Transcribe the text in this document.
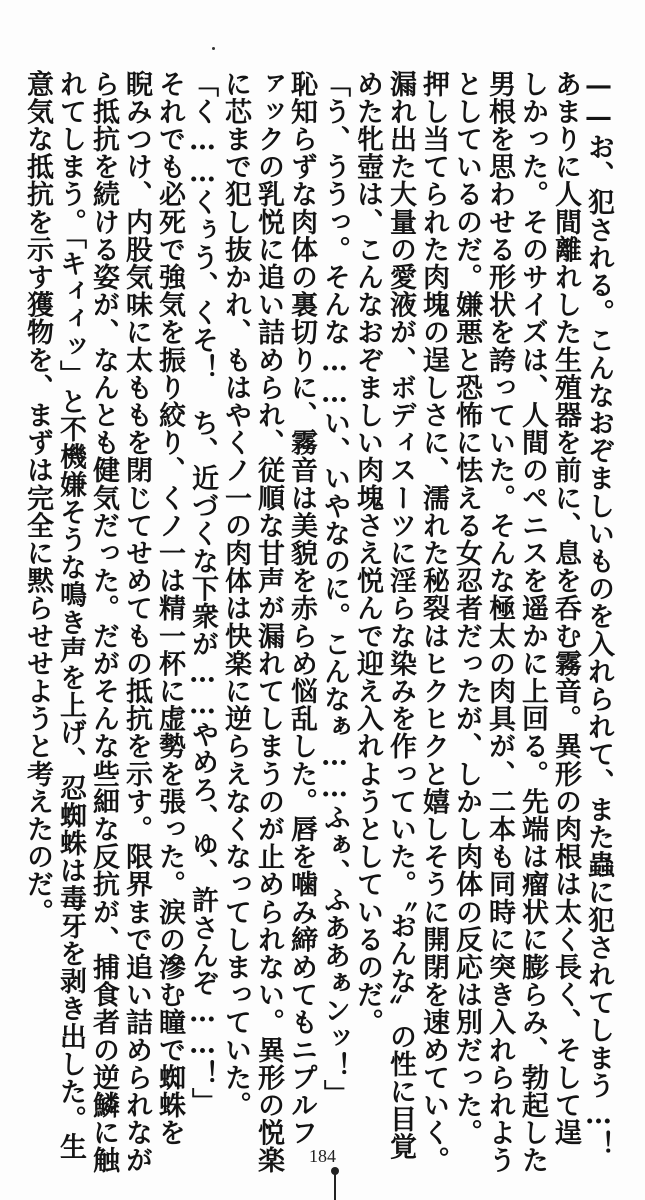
——お、犯される。こんなおぞましいものを入れられて、また蟲に犯されてしまう…！
あまりに人間離れした生殖器を前に、息を呑む霧音。異形の肉根は太く長く、そして逞
しかった。そのサイズは、人間のペニスを遥かに上回る。先端は瘤状に膨らみ、勃起した
男根を思わせる形状を誇っていた。そんな極太の肉具が、二本も同時に突き入れられよう
としているのだ。嫌悪と恐怖に怯える女忍者だったが、しかし肉体の反応は別だった。
押し当てられた肉塊の逞しさに、濡れた秘裂はヒクヒクと嬉しそうに開閉を速めていく。
漏れ出た大量の愛液が、ボディスーツに淫らな染みを作っていた。〝おんな〟の性に目覚
めた牝壺は、こんなおぞましい肉塊さえ悦んで迎え入れようとしているのだ。
「う、ううっ。そんな……い、いやなのに。こんなぁ……ふぁ、ふああぁンッ！」
恥知らずな肉体の裏切りに、霧音は美貌を赤らめ悩乱した。唇を噛み締めてもニプルフ
ァックの乳悦に追い詰められ、従順な甘声が漏れてしまうのが止められない。異形の悦楽
に芯まで犯し抜かれ、もはやくノ一の肉体は快楽に逆らえなくなってしまっていた。
「く……くぅう、くそ！　ち、近づくな下衆が……やめろ、ゆ、許さんぞ……！」
それでも必死で強気を振り絞り、くノ一は精一杯に虚勢を張った。涙の滲む瞳で蜘蛛を
睨みつけ、内股気味に太ももを閉じてせめてもの抵抗を示す。限界まで追い詰められなが
ら抵抗を続ける姿が、なんとも健気だった。だがそんな些細な反抗が、捕食者の逆鱗に触
れてしまう。「キィィッ」と不機嫌そうな鳴き声を上げ、忍蜘蛛は毒牙を剥き出した。生
意気な抵抗を示す獲物を、まずは完全に黙らせせようと考えたのだ。
184
